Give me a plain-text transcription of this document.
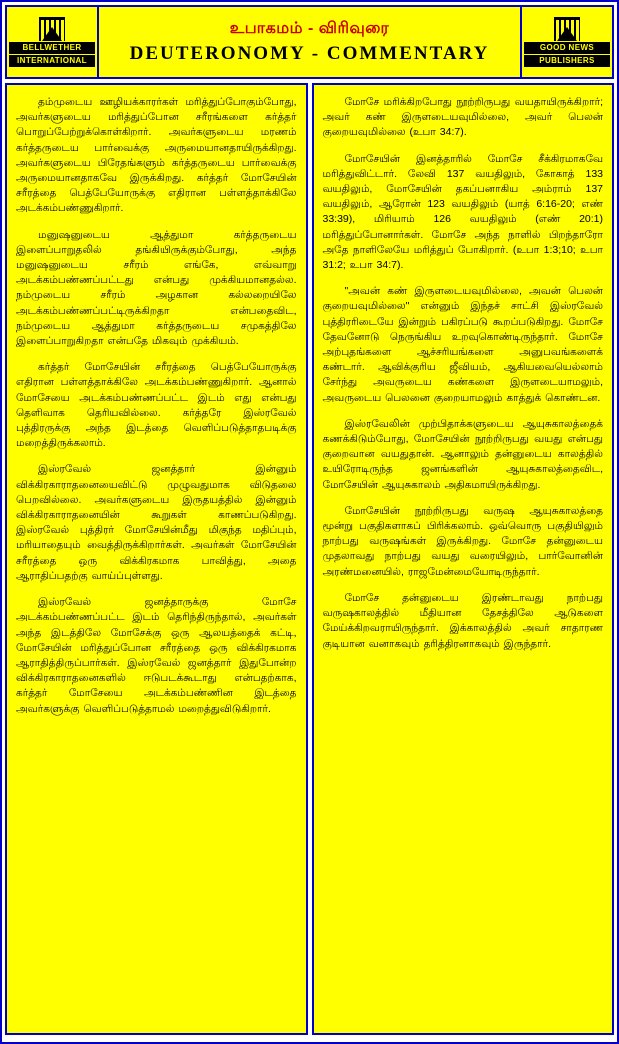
BELLWETHER
INTERNATIONAL
உபாகமம் - விரிவுரை
DEUTERONOMY - COMMENTARY	GOOD NEWS
PUBLISHERS

தம்முடைய ஊழியக்காரர்கள் மரித்துப்போகும்போது, அவர்களுடைய மரித்துப்போன சரீரங்களை கர்த்தர் பொறுப்பேற்றுக்கொள்கிறார். அவர்களுடைய மரணம் கர்த்தருடைய பார்வைக்கு அருமையானதாயிருக்கிறது. அவர்களுடைய பிரேதங்களும் கர்த்தருடைய பார்வைக்கு அருமையானதாகவே இருக்கிறது. கர்த்தர் மோசேயின் சரீரத்தை பெத்பேயோருக்கு எதிரான பள்ளத்தாக்கிலே அடக்கம்பண்ணுகிறார்.

மனுஷனுடைய ஆத்துமா கர்த்தருடைய இளைப்பாறுதலில் தங்கியிருக்கும்போது, அந்த மனுஷனுடைய சரீரம் எங்கே, எவ்வாறு அடக்கம்பண்ணப்பட்டது என்பது முக்கியமானதல்ல. நம்முடைய சரீரம் அழகான கல்லறையிலே அடக்கம்பண்ணப்பட்டிருக்கிறதா என்பதைவிட, நம்முடைய ஆத்துமா கர்த்தருடைய சமுகத்திலே இளைப்பாறுகிறதா என்பதே மிகவும் முக்கியம்.

கர்த்தர் மோசேயின் சரீரத்தை பெத்பேயோருக்கு எதிரான பள்ளத்தாக்கிலே அடக்கம்பண்ணுகிறார். ஆனால் மோசேயை அடக்கம்பண்ணப்பட்ட இடம் எது என்பது தெளிவாக தெரியவில்லை. கர்த்தரே இஸ்ரவேல் புத்திரருக்கு அந்த இடத்தை வெளிப்படுத்தாதபடிக்கு மறைத்திருக்கலாம்.

இஸ்ரவேல் ஜனத்தார் இன்னும் விக்கிரகாராதனையைவிட்டு முழுவதுமாக விடுதலை பெறவில்லை. அவர்களுடைய இருதயத்தில் இன்னும் விக்கிரகாராதனையின் கூறுகள் காணப்படுகிறது. இஸ்ரவேல் புத்திரர் மோசேயின்மீது மிகுந்த மதிப்பும், மரியாதையும் வைத்திருக்கிறார்கள். அவர்கள் மோசேயின் சரீரத்தை ஒரு விக்கிரகமாக பாவித்து, அதை ஆராதிப்பதற்கு வாய்ப்புள்ளது.

இஸ்ரவேல் ஜனத்தாருக்கு மோசே அடக்கம்பண்ணப்பட்ட இடம் தெரிந்திருந்தால், அவர்கள் அந்த இடத்திலே மோசேக்கு ஒரு ஆலயத்தைக் கட்டி, மோசேயின் மரித்துப்போன சரீரத்தை ஒரு விக்கிரகமாக ஆராதித்திருப்பார்கள். இஸ்ரவேல் ஜனத்தார் இதுபோன்ற விக்கிரகாராதனைகளில் ஈடுபடக்கூடாது என்பதற்காக, கர்த்தர் மோசேயை அடக்கம்பண்ணின இடத்தை அவர்களுக்கு வெளிப்படுத்தாமல் மறைத்துவிடுகிறார்.

மோசே மரிக்கிறபோது நூற்றிருபது வயதாயிருக்கிறார்; அவர் கண் இருளடையவுமில்லை, அவர் பெலன் குறையவுமில்லை (உபா 34:7).

மோசேயின் இனத்தாரில் மோசே சீக்கிரமாகவே மரித்துவிட்டார். லேவி 137 வயதிலும், கோகாத் 133 வயதிலும், மோசேயின் தகப்பனாகிய அம்ராம் 137 வயதிலும், ஆரோன் 123 வயதிலும் (யாத் 6:16-20; எண் 33:39), மிரியாம் 126 வயதிலும் (எண் 20:1) மரித்துப்போனார்கள். மோசே அந்த நாளில் பிறந்தாரோ அதே நாளிலேயே மரித்துப் போகிறார். (உபா 1:3;10; உபா 31:2; உபா 34:7).

"அவன் கண் இருளடையவுமில்லை, அவன் பெலன் குறையவுமில்லை" என்னும் இந்தச் சாட்சி இஸ்ரவேல் புத்திரரிடையே இன்றும் பகிரப்படு கூறப்படுகிறது. மோசே தேவனோடு நெருங்கிய உறவுகொண்டிருந்தார். மோசே அற்புதங்களை ஆச்சரியங்களை அனுபவங்களைக் கண்டார். ஆவிக்குரிய ஜீவியம், ஆகியவையெல்லாம் சேர்ந்து அவருடைய கண்களை இருளடையாமலும், அவருடைய பெலனை குறையாமலும் காத்துக் கொண்டன.

இஸ்ரவேலின் முற்பிதாக்களுடைய ஆயுசுகாலத்தைக் கணக்கிடும்போது, மோசேயின் நூற்றிருபது வயது என்பது குறைவான வயதுதான். ஆனாலும் தன்னுடைய காலத்தில் உயிரோடிருந்த ஜனங்களின் ஆயுசுகாலத்தைவிட, மோசேயின் ஆயுசுகாலம் அதிகமாயிருக்கிறது.

மோசேயின் நூற்றிருபது வருஷ ஆயுசுகாலத்தை மூன்று பகுதிகளாகப் பிரிக்கலாம். ஒவ்வொரு பகுதியிலும் நாற்பது வருஷங்கள் இருக்கிறது. மோசே தன்னுடைய முதலாவது நாற்பது வயது வரையிலும், பார்வோனின் அரண்மனையில், ராஜமேன்மையோடிருந்தார்.

மோசே தன்னுடைய இரண்டாவது நாற்பது வருஷகாலத்தில் மீதியான தேசத்திலே ஆடுகளை மேய்க்கிறவராயிருந்தார். இக்காலத்தில் அவர் சாதாரண குடியான வனாகவும் தரித்திரனாகவும் இருந்தார்.
